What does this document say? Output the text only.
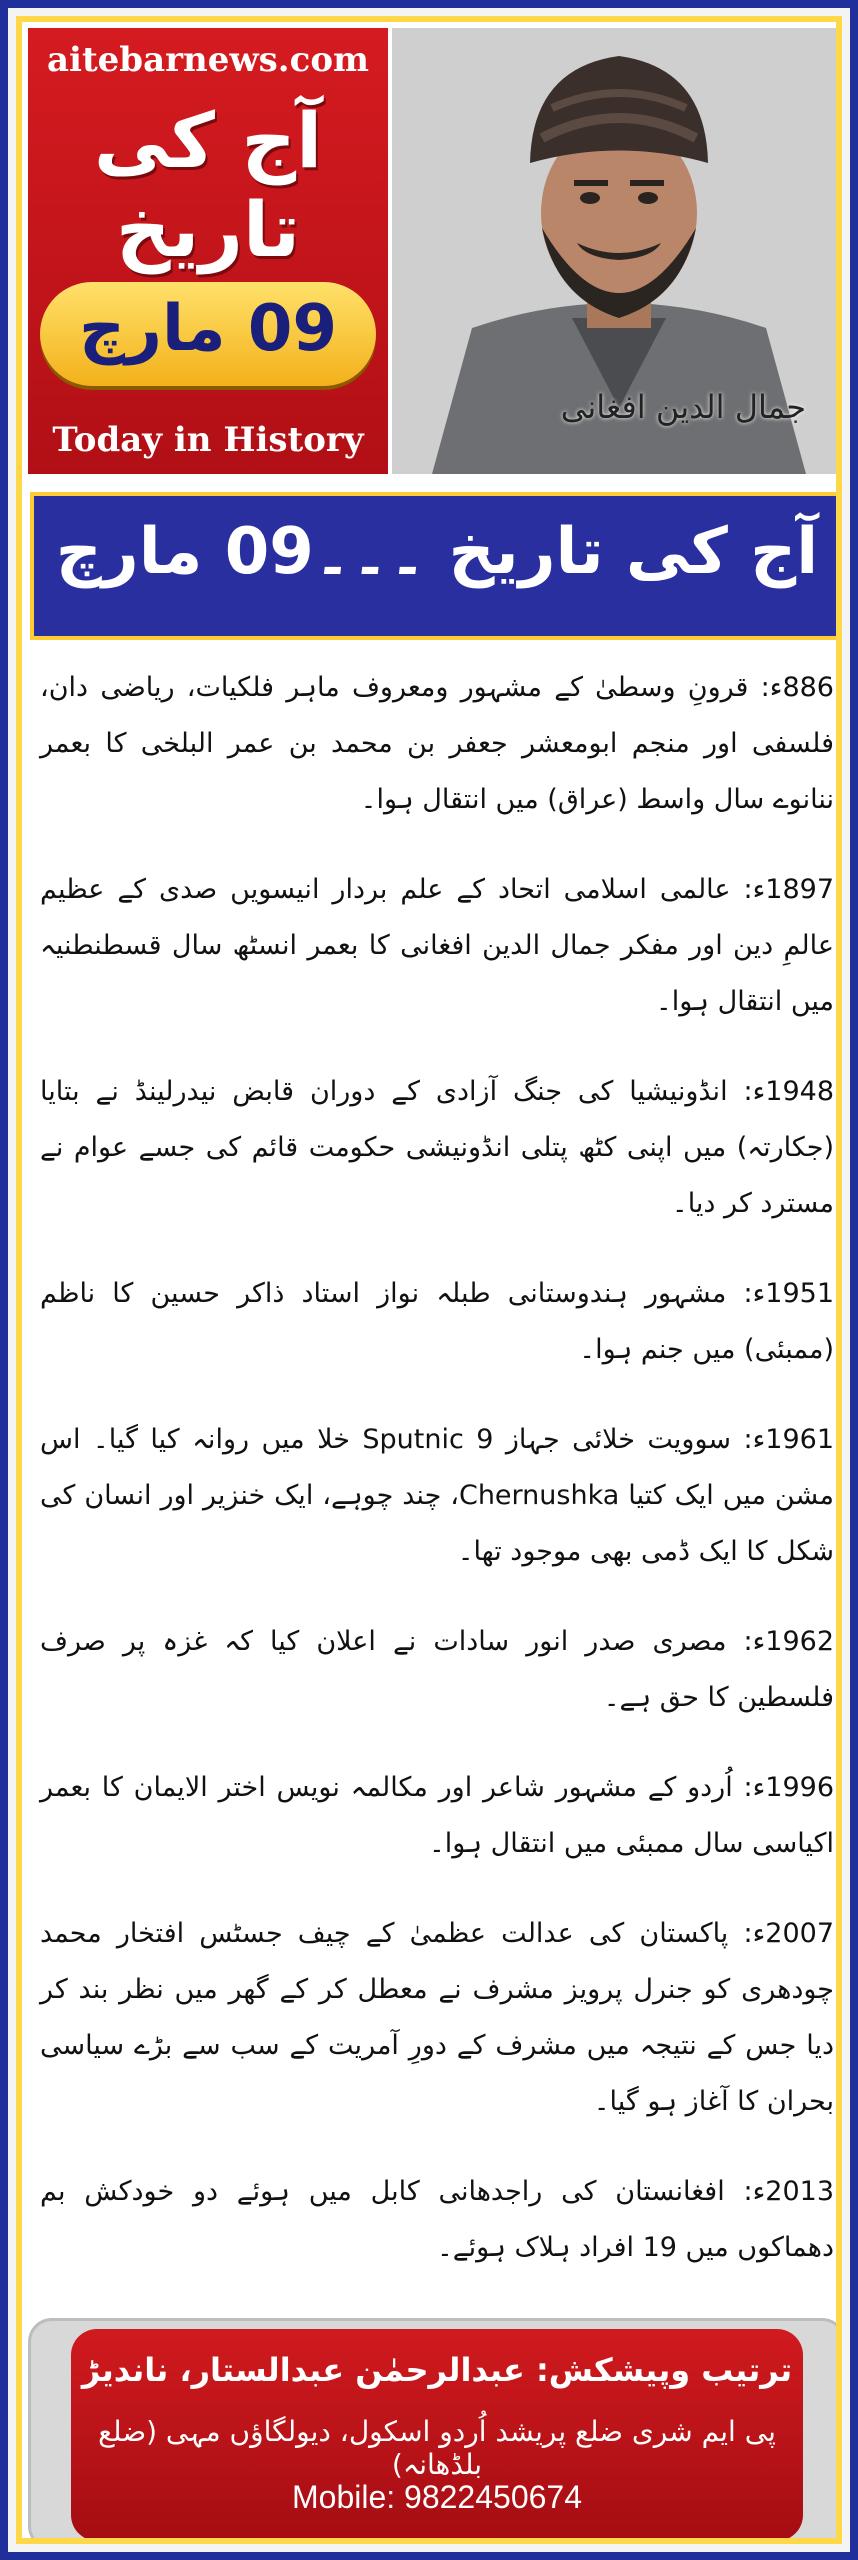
aitebarnews.com
آج کی تاریخ
09 مارچ
Today in History
جمال الدین افغانی
آج کی تاریخ ۔۔۔09 مارچ
886ء: قرونِ وسطیٰ کے مشہور ومعروف ماہر فلکیات، ریاضی دان، فلسفی اور منجم ابومعشر جعفر بن محمد بن عمر البلخی کا بعمر ننانوے سال واسط (عراق) میں انتقال ہوا۔
1897ء: عالمی اسلامی اتحاد کے علم بردار انیسویں صدی کے عظیم عالمِ دین اور مفکر جمال الدین افغانی کا بعمر انسٹھ سال قسطنطنیہ میں انتقال ہوا۔
1948ء: انڈونیشیا کی جنگ آزادی کے دوران قابض نیدرلینڈ نے بتایا (جکارتہ) میں اپنی کٹھ پتلی انڈونیشی حکومت قائم کی جسے عوام نے مسترد کر دیا۔
1951ء: مشہور ہندوستانی طبلہ نواز استاد ذاکر حسین کا ناظم (ممبئی) میں جنم ہوا۔
1961ء: سوویت خلائی جہاز Sputnic 9 خلا میں روانہ کیا گیا۔ اس مشن میں ایک کتیا Chernushka، چند چوہے، ایک خنزیر اور انسان کی شکل کا ایک ڈمی بھی موجود تھا۔
1962ء: مصری صدر انور سادات نے اعلان کیا کہ غزہ پر صرف فلسطین کا حق ہے۔
1996ء: اُردو کے مشہور شاعر اور مکالمہ نویس اختر الایمان کا بعمر اکیاسی سال ممبئی میں انتقال ہوا۔
2007ء: پاکستان کی عدالت عظمیٰ کے چیف جسٹس افتخار محمد چودھری کو جنرل پرویز مشرف نے معطل کر کے گھر میں نظر بند کر دیا جس کے نتیجہ میں مشرف کے دورِ آمریت کے سب سے بڑے سیاسی بحران کا آغاز ہو گیا۔
2013ء: افغانستان کی راجدھانی کابل میں ہوئے دو خودکش بم دھماکوں میں 19 افراد ہلاک ہوئے۔
ترتیب وپیشکش: عبدالرحمٰن عبدالستار، ناندیڑ
پی ایم شری ضلع پریشد اُردو اسکول، دیولگاؤں مہی (ضلع بلڈھانہ)
Mobile: 9822450674
